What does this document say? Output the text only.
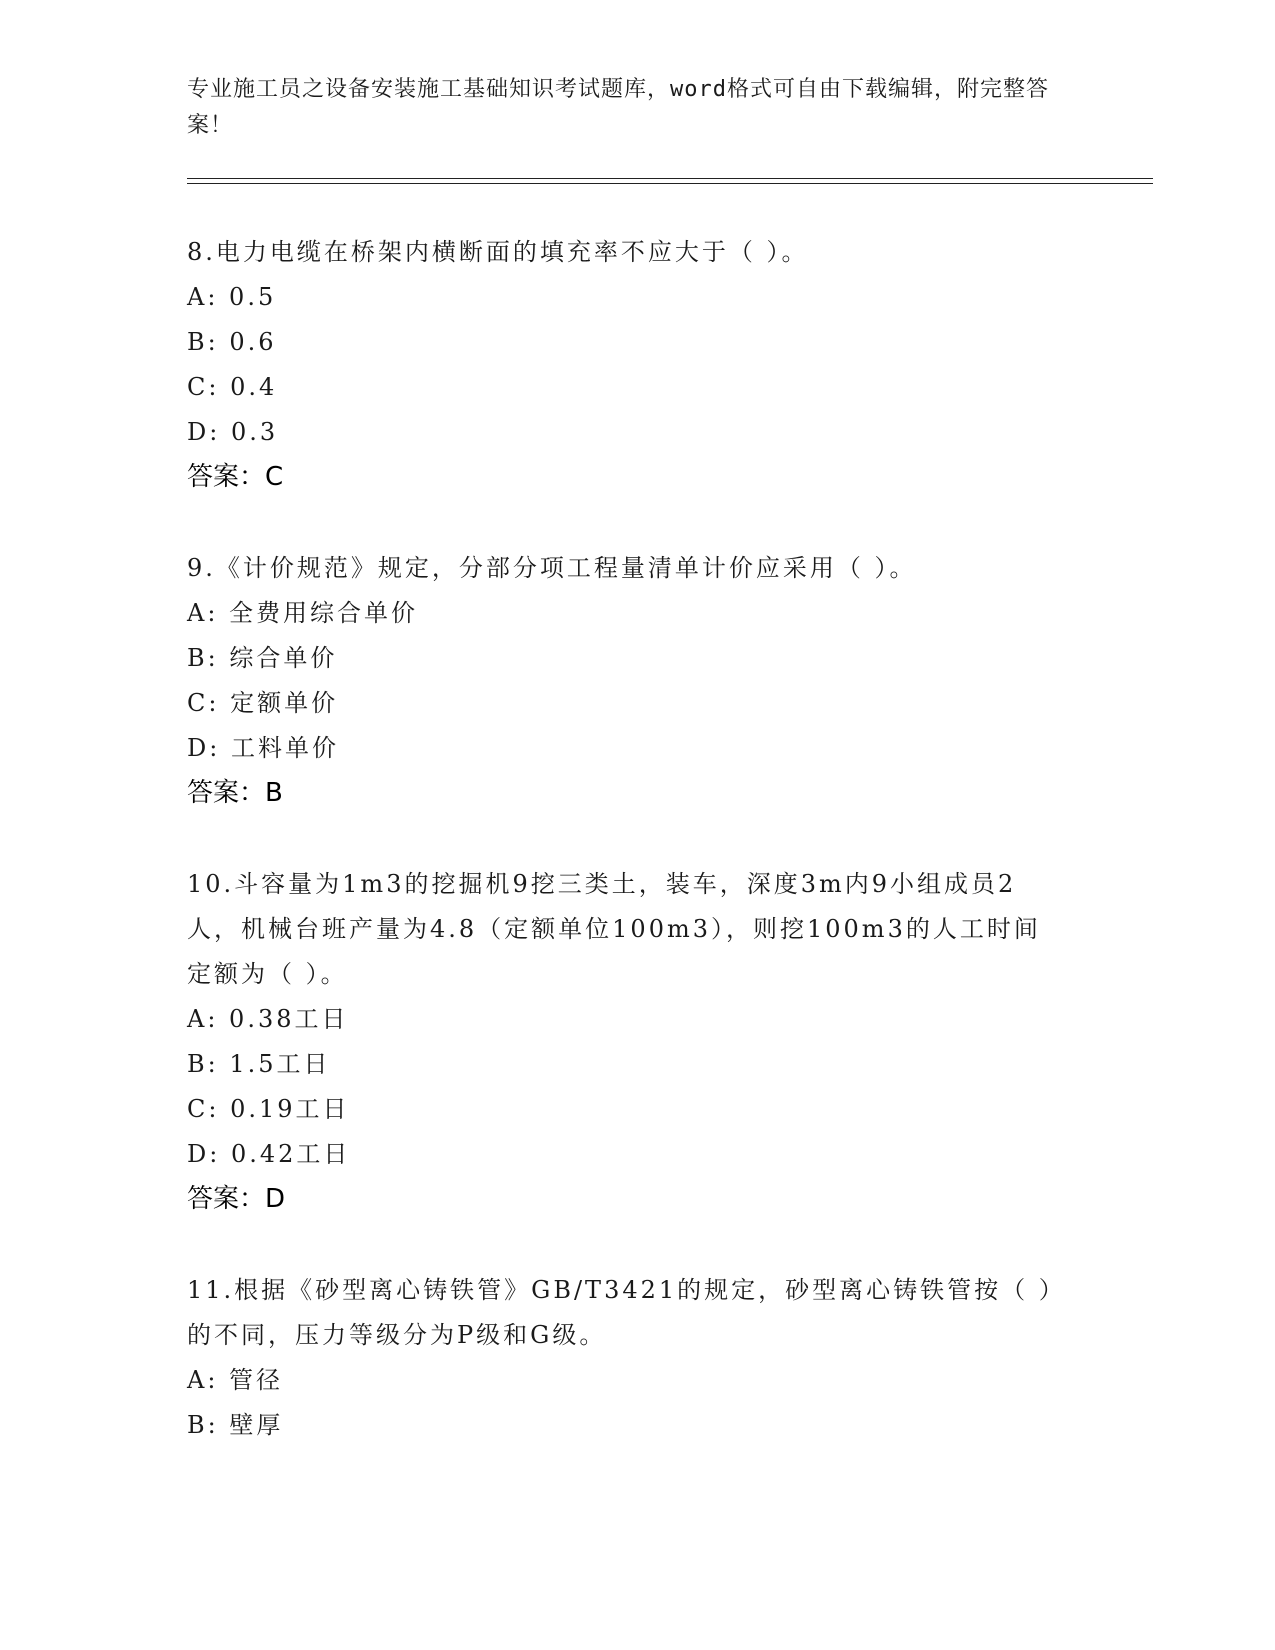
专业施工员之设备安装施工基础知识考试题库，word格式可自由下载编辑，附完整答案！
8.电力电缆在桥架内横断面的填充率不应大于（ ）。
A: 0.5
B: 0.6
C: 0.4
D: 0.3
答案：C
9.《计价规范》规定，分部分项工程量清单计价应采用（ ）。
A: 全费用综合单价
B: 综合单价
C: 定额单价
D: 工料单价
答案：B
10.斗容量为1m3的挖掘机9挖三类土，装车，深度3m内9小组成员2人，机械台班产量为4.8（定额单位100m3），则挖100m3的人工时间定额为（ ）。
A: 0.38工日
B: 1.5工日
C: 0.19工日
D: 0.42工日
答案：D
11.根据《砂型离心铸铁管》GB/T3421的规定，砂型离心铸铁管按（ ）的不同，压力等级分为P级和G级。
A: 管径
B: 壁厚
